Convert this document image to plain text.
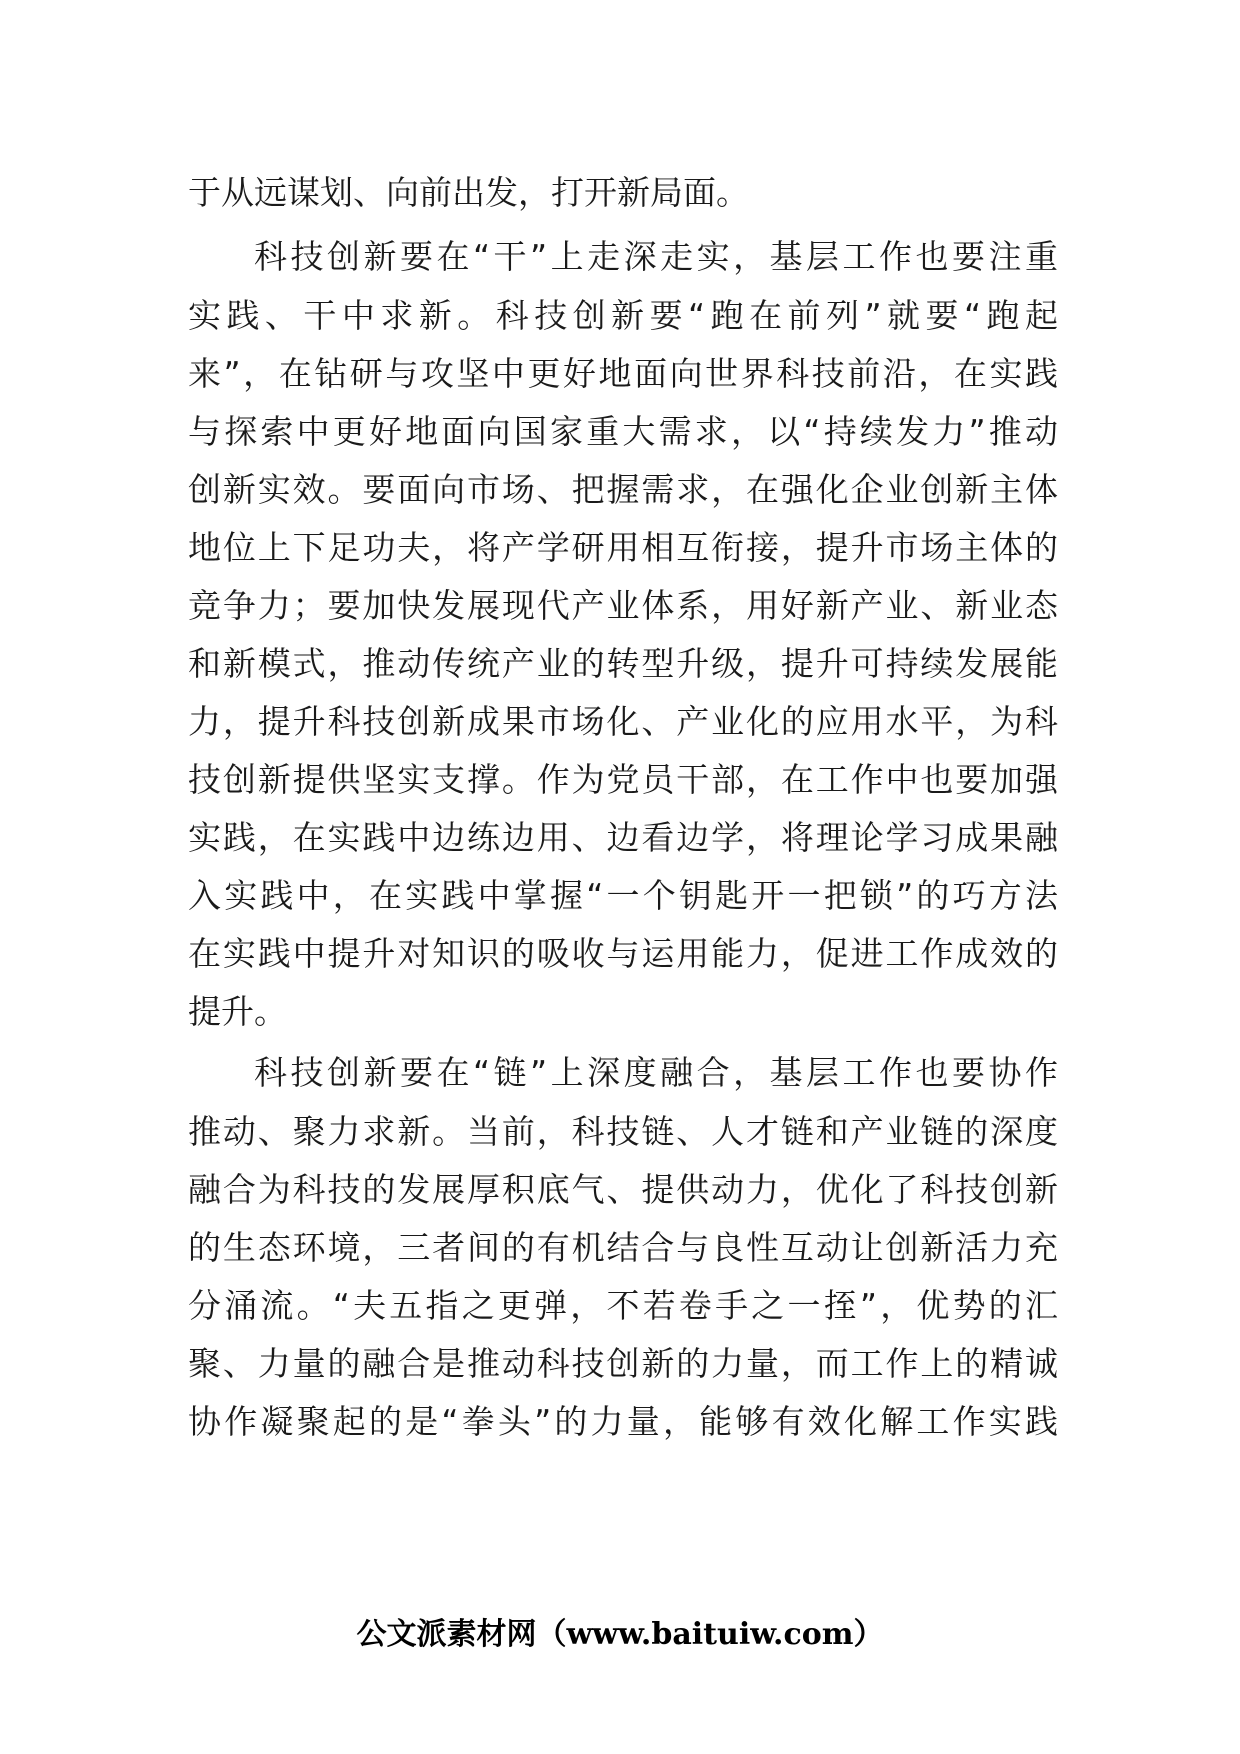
于从远谋划、向前出发，打开新局面。
科技创新要在“干”上走深走实，基层工作也要注重
实践、干中求新。科技创新要“跑在前列”就要“跑起
来”，在钻研与攻坚中更好地面向世界科技前沿，在实践
与探索中更好地面向国家重大需求，以“持续发力”推动
创新实效。要面向市场、把握需求，在强化企业创新主体
地位上下足功夫，将产学研用相互衔接，提升市场主体的
竞争力；要加快发展现代产业体系，用好新产业、新业态
和新模式，推动传统产业的转型升级，提升可持续发展能
力，提升科技创新成果市场化、产业化的应用水平，为科
技创新提供坚实支撑。作为党员干部，在工作中也要加强
实践，在实践中边练边用、边看边学，将理论学习成果融
入实践中，在实践中掌握“一个钥匙开一把锁”的巧方法
在实践中提升对知识的吸收与运用能力，促进工作成效的
提升。
科技创新要在“链”上深度融合，基层工作也要协作
推动、聚力求新。当前，科技链、人才链和产业链的深度
融合为科技的发展厚积底气、提供动力，优化了科技创新
的生态环境，三者间的有机结合与良性互动让创新活力充
分涌流。“夫五指之更弹，不若卷手之一挃”，优势的汇
聚、力量的融合是推动科技创新的力量，而工作上的精诚
协作凝聚起的是“拳头”的力量，能够有效化解工作实践
公文派素材网（www.baituiw.com）
